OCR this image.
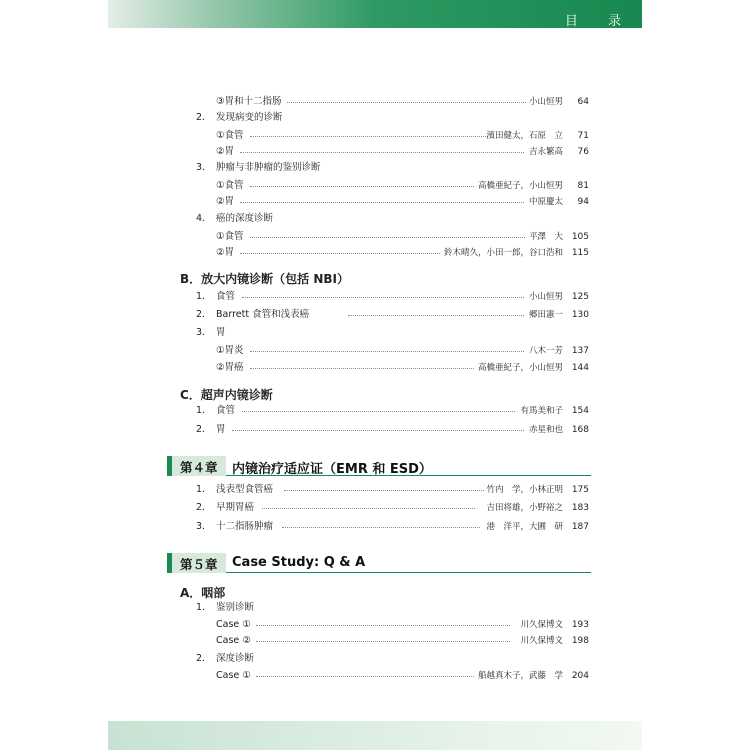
目 录
③胃和十二指肠	小山恒男	64
2． 发现病变的诊断
①食管	濱田健太，石原　立	71
②胃	吉永繁高	76
3． 肿瘤与非肿瘤的鉴别诊断
①食管	高橋亜紀子，小山恒男	81
②胃	中原慶太	94
4． 癌的深度诊断
①食管	平澤　大 105
②胃	鈴木晴久，小田一郎，谷口浩和 115
B．放大内镜诊断（包括 NBI）
1． 食管	小山恒男 125
2． Barrett 食管和浅表癌	郷田憲一 130
3． 胃
①胃炎	八木一芳 137
②胃癌	高橋亜紀子，小山恒男 144
C．超声内镜诊断
1． 食管	有馬美和子 154
2． 胃	赤星和也 168
第４章 内镜治疗适应证（EMR 和 ESD）
1． 浅表型食管癌	竹内　学，小林正明 175
2． 早期胃癌	吉田将雄，小野裕之 183
3． 十二指肠肿瘤	港　洋平，大圃　研 187
第５章 Case Study: Q & A
A．咽部
1． 鉴别诊断
Case ①	川久保博文 193
Case ②	川久保博文 198
2． 深度诊断
Case ①	船越真木子，武藤　学 204
